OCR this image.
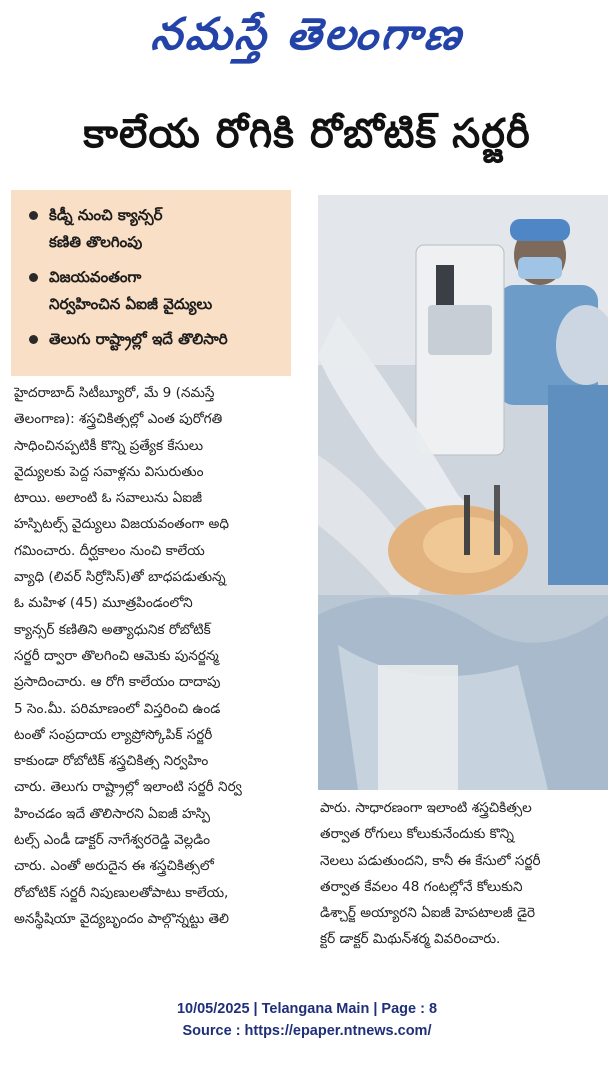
నమస్తే తెలంగాణ
కాలేయ రోగికి రోబోటిక్ సర్జరీ
కిడ్నీ నుంచి క్యాన్సర్
కణితి తొలగింపు
విజయవంతంగా
నిర్వహించిన ఏఐజీ వైద్యులు
తెలుగు రాష్ట్రాల్లో ఇదే తొలిసారి

హైదరాబాద్ సిటీబ్యూరో, మే 9 (నమస్తే

తెలంగాణ): శస్త్రచికిత్సల్లో ఎంత పురోగతి

సాధించినప్పటికీ కొన్ని ప్రత్యేక కేసులు

వైద్యులకు పెద్ద సవాళ్లను విసురుతుం

టాయి. అలాంటి ఓ సవాలును ఏఐజీ

హస్పిటల్స్ వైద్యులు విజయవంతంగా అధి

గమించారు. దీర్ఘకాలం నుంచి కాలేయ

వ్యాధి (లివర్ సిర్రోసిస్)తో బాధపడుతున్న

ఓ మహిళ (45) మూత్రపిండంలోని

క్యాన్సర్ కణితిని అత్యాధునిక రోబోటిక్

సర్జరీ ద్వారా తొలగించి ఆమెకు పునర్జన్మ

ప్రసాదించారు. ఆ రోగి కాలేయం దాదాపు

5 సెం.మీ. పరిమాణంలో విస్తరించి ఉండ

టంతో సంప్రదాయ ల్యాప్రోస్కోపిక్ సర్జరీ

కాకుండా రోబోటిక్ శస్త్రచికిత్స నిర్వహిం

చారు. తెలుగు రాష్ట్రాల్లో ఇలాంటి సర్జరీ నిర్వ

హించడం ఇదే తొలిసారని ఏఐజీ హస్పి

టల్స్ ఎండీ డాక్టర్ నాగేశ్వరరెడ్డి వెల్లడిం

చారు. ఎంతో అరుదైన ఈ శస్త్రచికిత్సలో

రోబోటిక్ సర్జరీ నిపుణులతోపాటు కాలేయ,

అనస్థీషియా వైద్యబృందం పాల్గొన్నట్టు తెలి

పారు. సాధారణంగా ఇలాంటి శస్త్రచికిత్సల

తర్వాత రోగులు కోలుకునేందుకు కొన్ని

నెలలు పడుతుందని, కానీ ఈ కేసులో సర్జరీ

తర్వాత కేవలం 48 గంటల్లోనే కోలుకుని

డిశ్చార్జ్ అయ్యారని ఏఐజీ హెపటాలజీ డైరె

క్టర్ డాక్టర్ మిథున్‌శర్మ వివరించారు.

10/05/2025 | Telangana Main | Page : 8
Source : https://epaper.ntnews.com/
